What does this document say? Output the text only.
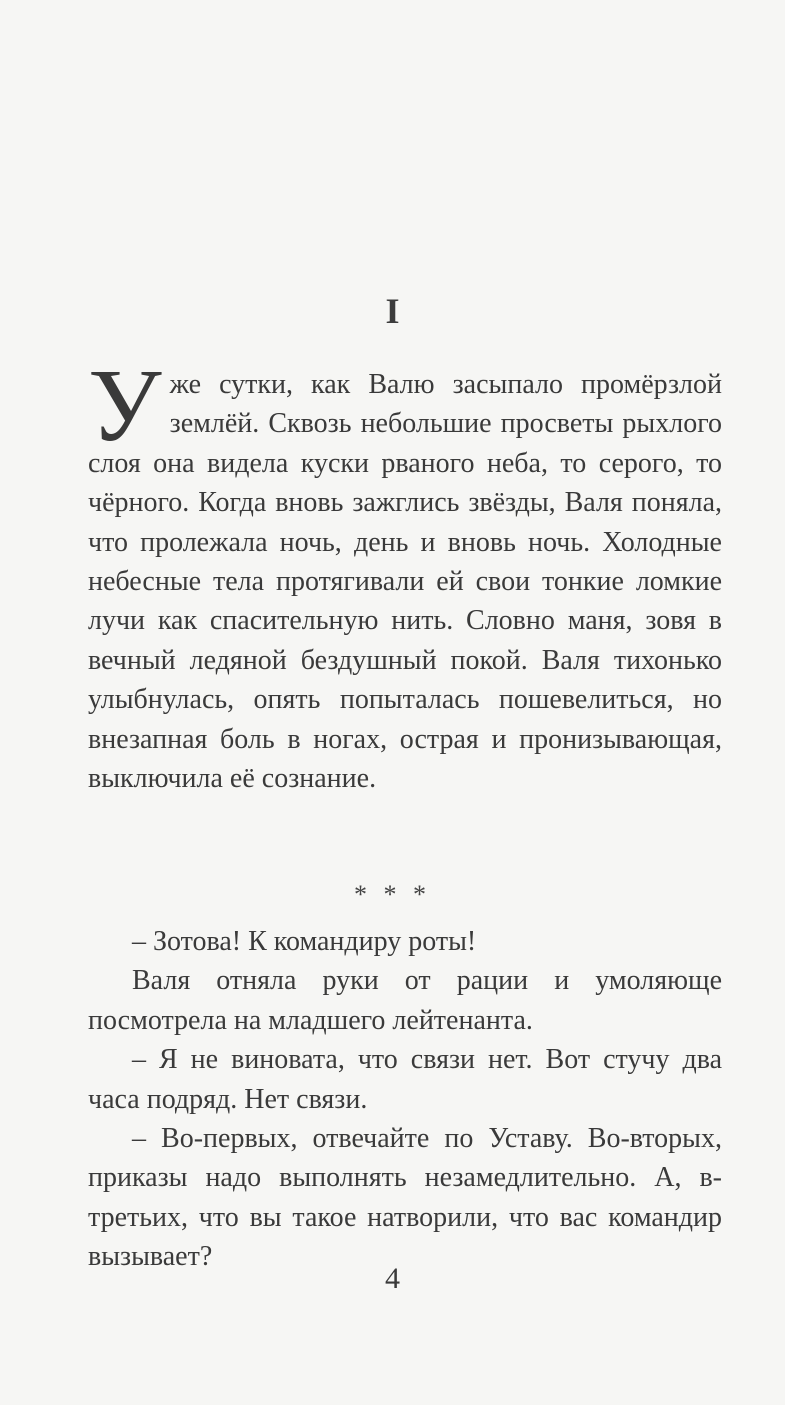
I

Уже сутки, как Валю засыпало промёрзлой землёй. Сквозь небольшие просветы рыхлого слоя она видела куски рваного неба, то серого, то чёрного. Когда вновь зажглись звёзды, Валя поняла, что пролежала ночь, день и вновь ночь. Холодные небесные тела протягивали ей свои тонкие ломкие лучи как спасительную нить. Словно маня, зовя в вечный ледяной бездушный покой. Валя тихонько улыбнулась, опять попыталась пошевелиться, но внезапная боль в ногах, острая и пронизывающая, выключила её сознание.

* * *

– Зотова! К командиру роты!

Валя отняла руки от рации и умоляюще посмотрела на младшего лейтенанта.

– Я не виновата, что связи нет. Вот стучу два часа подряд. Нет связи.

– Во-первых, отвечайте по Уставу. Во-вторых, приказы надо выполнять незамедлительно. А, в-третьих, что вы такое натворили, что вас командир вызывает?

4
